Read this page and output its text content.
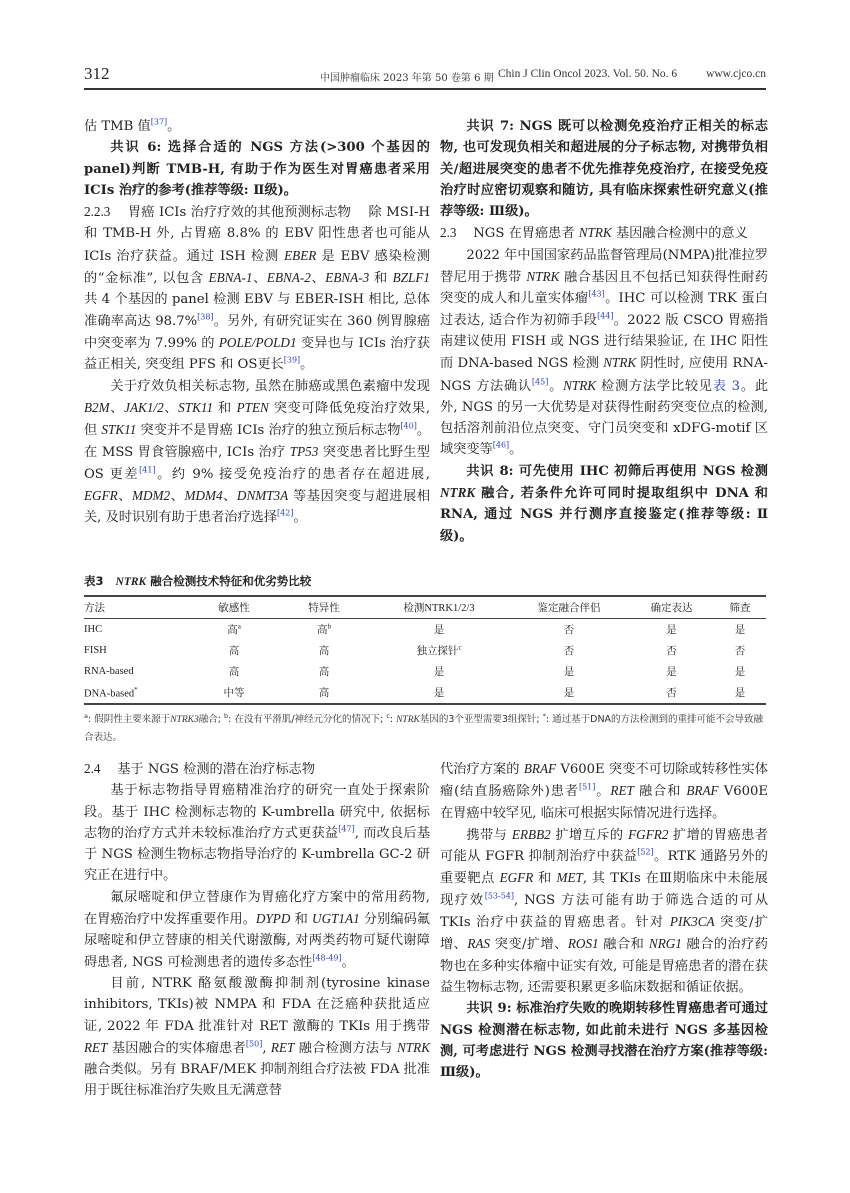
312	中国肿瘤临床 2023 年第 50 卷第 6 期 Chin J Clin Oncol 2023. Vol. 50. No. 6	www.cjco.cn

估 TMB 值[37]。

共识 6: 选择合适的 NGS 方法(>300 个基因的 panel)判断 TMB-H, 有助于作为医生对胃癌患者采用 ICIs 治疗的参考(推荐等级: Ⅱ级)。

2.2.3 胃癌 ICIs 治疗疗效的其他预测标志物 除 MSI-H 和 TMB-H 外, 占胃癌 8.8% 的 EBV 阳性患者也可能从 ICIs 治疗获益。通过 ISH 检测 EBER 是 EBV 感染检测的“金标准”, 以包含 EBNA-1、EBNA-2、EBNA-3 和 BZLF1 共 4 个基因的 panel 检测 EBV 与 EBER-ISH 相比, 总体准确率高达 98.7%[38]。另外, 有研究证实在 360 例胃腺癌中突变率为 7.99% 的 POLE/POLD1 变异也与 ICIs 治疗获益正相关, 突变组 PFS 和 OS更长[39]。

关于疗效负相关标志物, 虽然在肺癌或黑色素瘤中发现 B2M、JAK1/2、STK11 和 PTEN 突变可降低免疫治疗效果, 但 STK11 突变并不是胃癌 ICIs 治疗的独立预后标志物[40]。在 MSS 胃食管腺癌中, ICIs 治疗 TP53 突变患者比野生型 OS 更差[41]。约 9% 接受免疫治疗的患者存在超进展, EGFR、MDM2、MDM4、DNMT3A 等基因突变与超进展相关, 及时识别有助于患者治疗选择[42]。

共识 7: NGS 既可以检测免疫治疗正相关的标志物, 也可发现负相关和超进展的分子标志物, 对携带负相关/超进展突变的患者不优先推荐免疫治疗, 在接受免疫治疗时应密切观察和随访, 具有临床探索性研究意义(推荐等级: Ⅲ级)。

2.3 NGS 在胃癌患者 NTRK 基因融合检测中的意义

2022 年中国国家药品监督管理局(NMPA)批准拉罗替尼用于携带 NTRK 融合基因且不包括已知获得性耐药突变的成人和儿童实体瘤[43]。IHC 可以检测 TRK 蛋白过表达, 适合作为初筛手段[44]。2022 版 CSCO 胃癌指南建议使用 FISH 或 NGS 进行结果验证, 在 IHC 阳性而 DNA-based NGS 检测 NTRK 阴性时, 应使用 RNA-NGS 方法确认[45]。NTRK 检测方法学比较见表 3。此外, NGS 的另一大优势是对获得性耐药突变位点的检测, 包括溶剂前沿位点突变、守门员突变和 xDFG-motif 区域突变等[46]。

共识 8: 可先使用 IHC 初筛后再使用 NGS 检测 NTRK 融合, 若条件允许可同时提取组织中 DNA 和 RNA, 通过 NGS 并行测序直接鉴定(推荐等级: Ⅱ级)。

表3 NTRK 融合检测技术特征和优劣势比较
方法	敏感性	特异性	检测NTRK1/2/3	鉴定融合伴侣	确定表达	筛查
IHC	高$^a$	高$^b$	是	否	是	是
FISH	高	高	独立探针$^c$	否	否	否
RNA-based	高	高	是	是	是	是
DNA-based*	中等	高	是	是	否	是
$^a$: 假阴性主要来源于NTRK3融合; $^b$: 在没有平滑肌/神经元分化的情况下; $^c$: NTRK基因的3个亚型需要3组探针; *: 通过基于DNA的方法检测到的重排可能不会导致融合表达。

2.4 基于 NGS 检测的潜在治疗标志物

基于标志物指导胃癌精准治疗的研究一直处于探索阶段。基于 IHC 检测标志物的 K-umbrella 研究中, 依据标志物的治疗方式并未较标准治疗方式更获益[47], 而改良后基于 NGS 检测生物标志物指导治疗的 K-umbrella GC-2 研究正在进行中。

氟尿嘧啶和伊立替康作为胃癌化疗方案中的常用药物, 在胃癌治疗中发挥重要作用。DYPD 和 UGT1A1 分别编码氟尿嘧啶和伊立替康的相关代谢激酶, 对两类药物可疑代谢障碍患者, NGS 可检测患者的遗传多态性[48-49]。

目前, NTRK 酪氨酸激酶抑制剂(tyrosine kinase inhibitors, TKIs)被 NMPA 和 FDA 在泛癌种获批适应证, 2022 年 FDA 批准针对 RET 激酶的 TKIs 用于携带 RET 基因融合的实体瘤患者[50], RET 融合检测方法与 NTRK 融合类似。另有 BRAF/MEK 抑制剂组合疗法被 FDA 批准用于既往标准治疗失败且无满意替

代治疗方案的 BRAF V600E 突变不可切除或转移性实体瘤(结直肠癌除外)患者[51]。RET 融合和 BRAF V600E 在胃癌中较罕见, 临床可根据实际情况进行选择。

携带与 ERBB2 扩增互斥的 FGFR2 扩增的胃癌患者可能从 FGFR 抑制剂治疗中获益[52]。RTK 通路另外的重要靶点 EGFR 和 MET, 其 TKIs 在Ⅲ期临床中未能展现疗效[53-54], NGS 方法可能有助于筛选合适的可从 TKIs 治疗中获益的胃癌患者。针对 PIK3CA 突变/扩增、RAS 突变/扩增、ROS1 融合和 NRG1 融合的治疗药物也在多种实体瘤中证实有效, 可能是胃癌患者的潜在获益生物标志物, 还需要积累更多临床数据和循证依据。

共识 9: 标准治疗失败的晚期转移性胃癌患者可通过 NGS 检测潜在标志物, 如此前未进行 NGS 多基因检测, 可考虑进行 NGS 检测寻找潜在治疗方案(推荐等级: Ⅲ级)。
